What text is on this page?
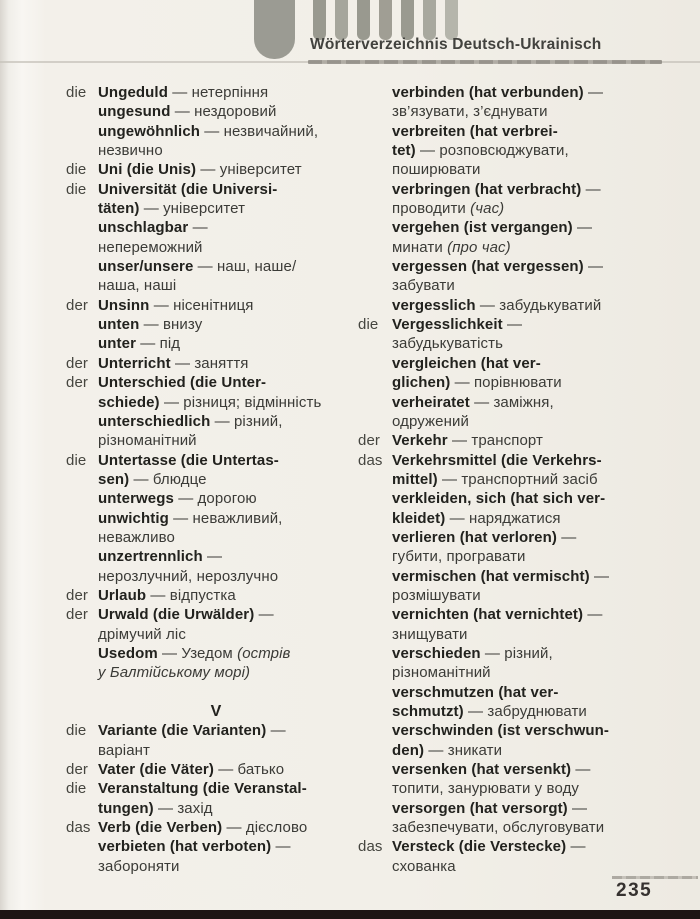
Wörterverzeichnis Deutsch-Ukrainisch
die Ungeduld — нетерпіння
ungesund — нездоровий
ungewöhnlich — незвичайний,
незвично
die Uni (die Unis) — університет
die Universität (die Universi-
täten) — університет
unschlagbar —
непереможний
unser/unsere — наш, наше/
наша, наші
der Unsinn — нісенітниця
unten — внизу
unter — під
der Unterricht — заняття
der Unterschied (die Unter-
schiede) — різниця; відмінність
unterschiedlich — різний,
різноманітний
die Untertasse (die Untertas-
sen) — блюдце
unterwegs — дорогою
unwichtig — неважливий,
неважливо
unzertrennlich —
нерозлучний, нерозлучно
der Urlaub — відпустка
der Urwald (die Urwälder) —
дрімучий ліс
Usedom — Узедом (острів
у Балтійському морі)
V
die Variante (die Varianten) —
варіант
der Vater (die Väter) — батько
die Veranstaltung (die Veranstal-
tungen) — захід
das Verb (die Verben) — дієслово
verbieten (hat verboten) —
забороняти
verbinden (hat verbunden) —
зв’язувати, з’єднувати
verbreiten (hat verbrei-
tet) — розповсюджувати,
поширювати
verbringen (hat verbracht) —
проводити (час)
vergehen (ist vergangen) —
минати (про час)
vergessen (hat vergessen) —
забувати
vergesslich — забудькуватий
die Vergesslichkeit —
забудькуватість
vergleichen (hat ver-
glichen) — порівнювати
verheiratet — заміжня,
одружений
der Verkehr — транспорт
das Verkehrsmittel (die Verkehrs-
mittel) — транспортний засіб
verkleiden, sich (hat sich ver-
kleidet) — наряджатися
verlieren (hat verloren) —
губити, програвати
vermischen (hat vermischt) —
розмішувати
vernichten (hat vernichtet) —
знищувати
verschieden — різний,
різноманітний
verschmutzen (hat ver-
schmutzt) — забруднювати
verschwinden (ist verschwun-
den) — зникати
versenken (hat versenkt) —
топити, занурювати у воду
versorgen (hat versorgt) —
забезпечувати, обслуговувати
das Versteck (die Verstecke) —
схованка
235
